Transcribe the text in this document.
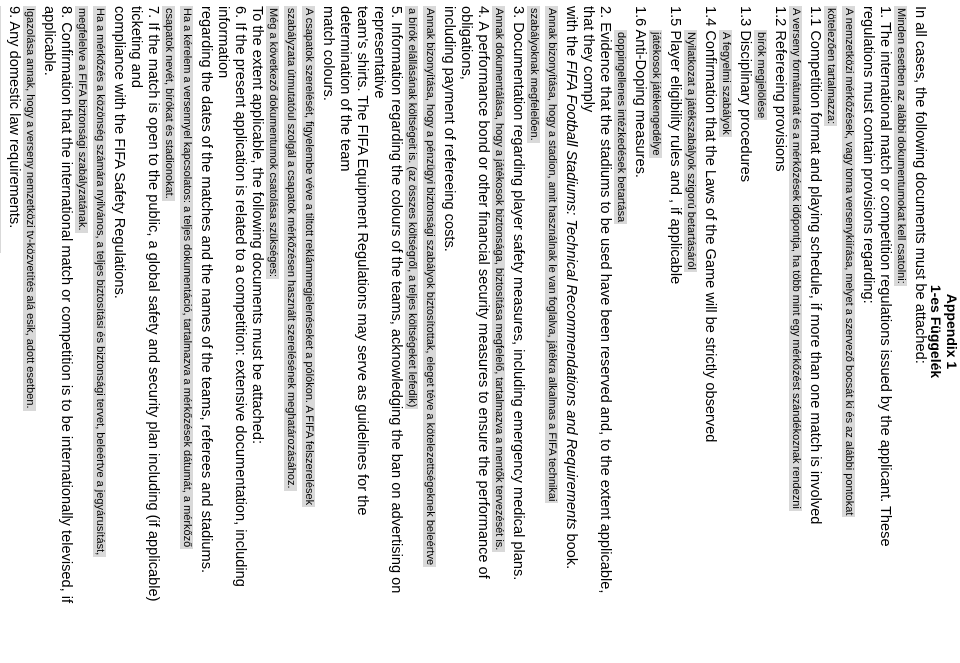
Appendix 1
1-es Függelék
In all cases, the following documents must be attached:
Minden esetben az alábbi dokumentumokat kell csatolni:
1. The international match or competition regulations issued by the applicant. These
regulations must contain provisions regarding:
A nemzetközi mérkőzések, vagy torna versenykiírása, melyet a szervező bocsát ki és az alábbi pontokat
kötelezően tartalmazza:
1.1 Competition format and playing schedule, if more than one match is involved
A verseny formátumát és a mérkőzések időpontja, ha több mint egy mérkőzést szándékoznak rendezni
1.2 Refereeing provisions
bírók megjelölése
1.3 Disciplinary procedures
A fegyelmi szabályok
1.4 Confirmation that the Laws of the Game will be strictly observed
Nyilatkozat a játékszabályok szigorú betartásáról
1.5 Player eligibility rules and , if applicable
játékosok játékengedélye
1.6 Anti-Doping measures.
doppingellenes intézkedések betartása
2. Evidence that the stadiums to be used have been reserved and, to the extent applicable,
that they comply
with the FIFA Football Stadiums: Technical Recommendations and Requirements book.
Annak bizonyítása, hogy a stadion, amit használnak le van foglalva, játékra alkalmas a FIFA technikai
szabályoknak megfelelően.
3. Documentation regarding player safety measures, including emergency medical plans.
Annak dokumentálása, hogy a játékosok biztonsága, biztosítása megfelelő, tartalmazva a mentők tervezését is.
4. A performance bond or other financial security measures to ensure the performance of
obligations,
including payment of refereeing costs.
Annak bizonyítása, hogy a pénzügyi biztonsági szabályok biztosítottak, eleget téve a kötelezettségeknek beleértve
a bírók elállásának költségeit is. (az összes költségről, a teljes költségeket lefedik)
5. Information regarding the colours of the teams, acknowledging the ban on advertising on
representative
team's shirts. The FIFA Equipment Regulations may serve as guidelines for the
determination of the team
match colours.
A csapatok szerelését, figyelembe véve a tiltott reklámmegjelenéseket a pólókon. A FIFA felszerelések
szabályzata útmutatóul szolgál a csapatok mérkőzésen használt szerelésének meghatározásához.
Még a következő dokumentumok csatolása szükséges:
To the extent applicable, the following documents must be attached:
6. If the present application is related to a competition: extensive documentation, including
information
regarding the dates of the matches and the names of the teams, referees and stadiums.
Ha a kérelem a versennyel kapcsolatos: a teljes dokumentáció, tartalmazva a mérkőzések dátumát, a mérkőző
csapatok nevét, bírókat és stadionokat.
7. If the match is open to the public, a global safety and security plan including (if applicable)
ticketing and
compliance with the FIFA Safety Regulations.
Ha a mérkőzés a közönség számára nyilvános, a teljes biztosítási és biztonsági tervet, beleértve a jegyárusítást,
megfelelve a FIFA biztonsági szabályzatának.
8. Confirmation that the international match or competition is to be internationally televised, if
applicable.
Igazolása annak, hogy a verseny nemzetközi tv-közvetítés alá esik, adott esetben.
9. Any domestic law requirements.
